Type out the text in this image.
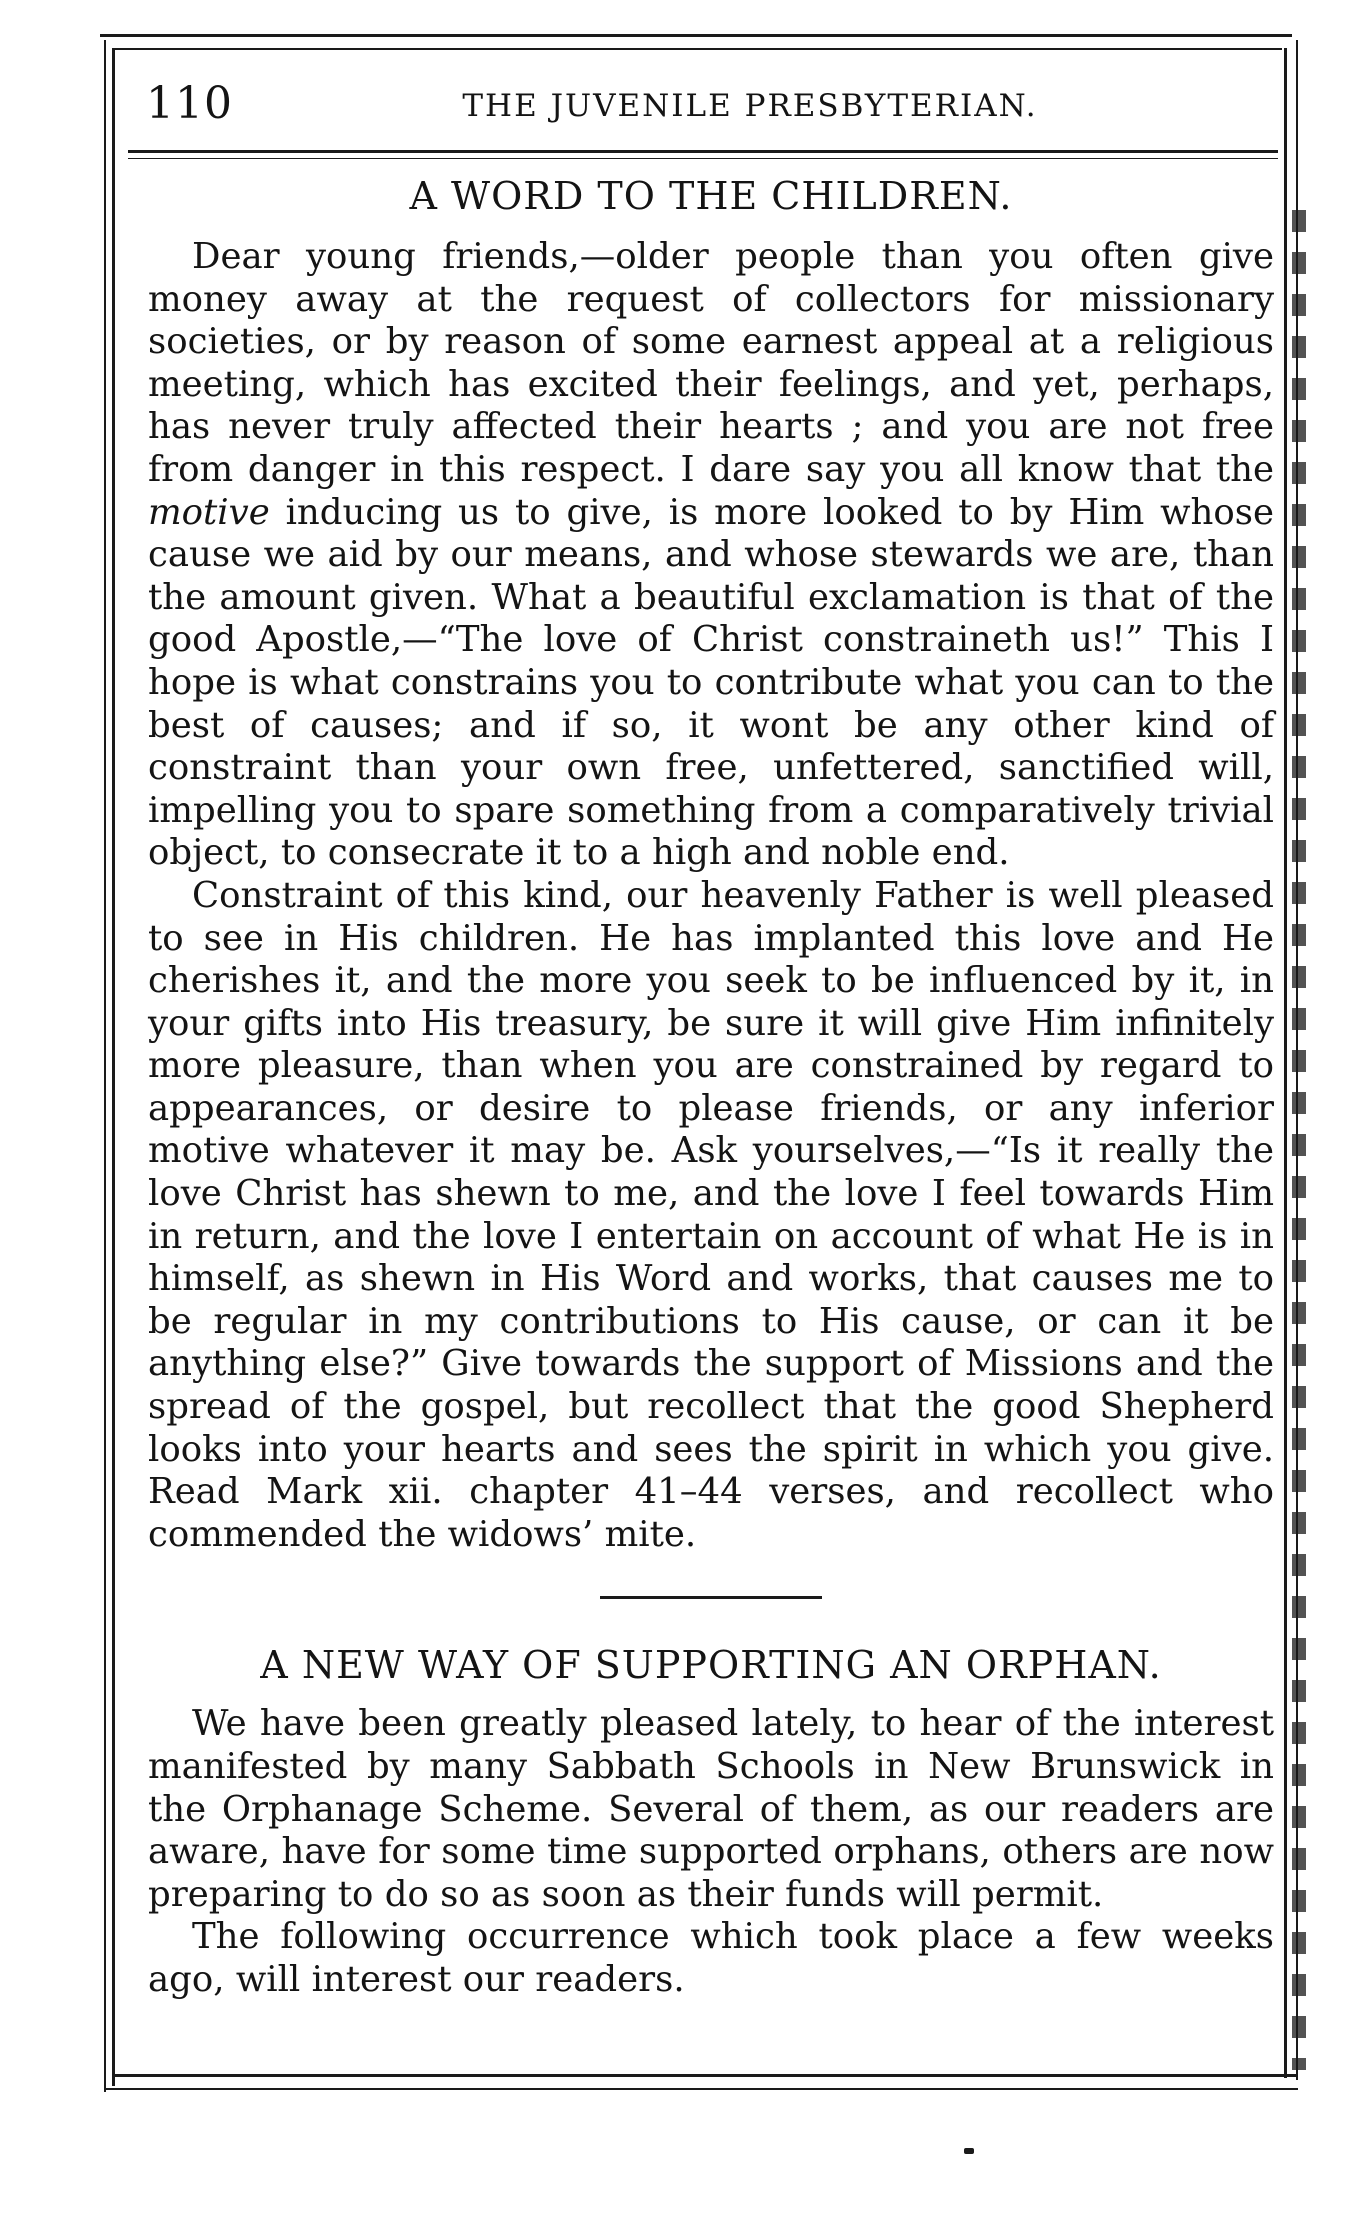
110	THE JUVENILE PRESBYTERIAN.
A WORD TO THE CHILDREN.

Dear young friends,—older people than you often give money away at the request of collectors for missionary societies, or by reason of some earnest appeal at a religious meeting, which has excited their feelings, and yet, perhaps, has never truly affected their hearts ; and you are not free from danger in this respect. I dare say you all know that the motive inducing us to give, is more looked to by Him whose cause we aid by our means, and whose stewards we are, than the amount given. What a beautiful exclamation is that of the good Apostle,—“The love of Christ constraineth us!” This I hope is what constrains you to contribute what you can to the best of causes; and if so, it wont be any other kind of constraint than your own free, unfettered, sanctified will, impelling you to spare something from a comparatively trivial object, to consecrate it to a high and noble end.

Constraint of this kind, our heavenly Father is well pleased to see in His children. He has implanted this love and He cherishes it, and the more you seek to be influenced by it, in your gifts into His treasury, be sure it will give Him infinitely more pleasure, than when you are constrained by regard to appearances, or desire to please friends, or any inferior motive whatever it may be. Ask yourselves,—“Is it really the love Christ has shewn to me, and the love I feel towards Him in return, and the love I entertain on account of what He is in himself, as shewn in His Word and works, that causes me to be regular in my contributions to His cause, or can it be anything else?” Give towards the support of Missions and the spread of the gospel, but recollect that the good Shepherd looks into your hearts and sees the spirit in which you give. Read Mark xii. chapter 41–44 verses, and recollect who commended the widows’ mite.

A NEW WAY OF SUPPORTING AN ORPHAN.

We have been greatly pleased lately, to hear of the interest manifested by many Sabbath Schools in New Brunswick in the Orphanage Scheme. Several of them, as our readers are aware, have for some time supported orphans, others are now preparing to do so as soon as their funds will permit.

The following occurrence which took place a few weeks ago, will interest our readers.
